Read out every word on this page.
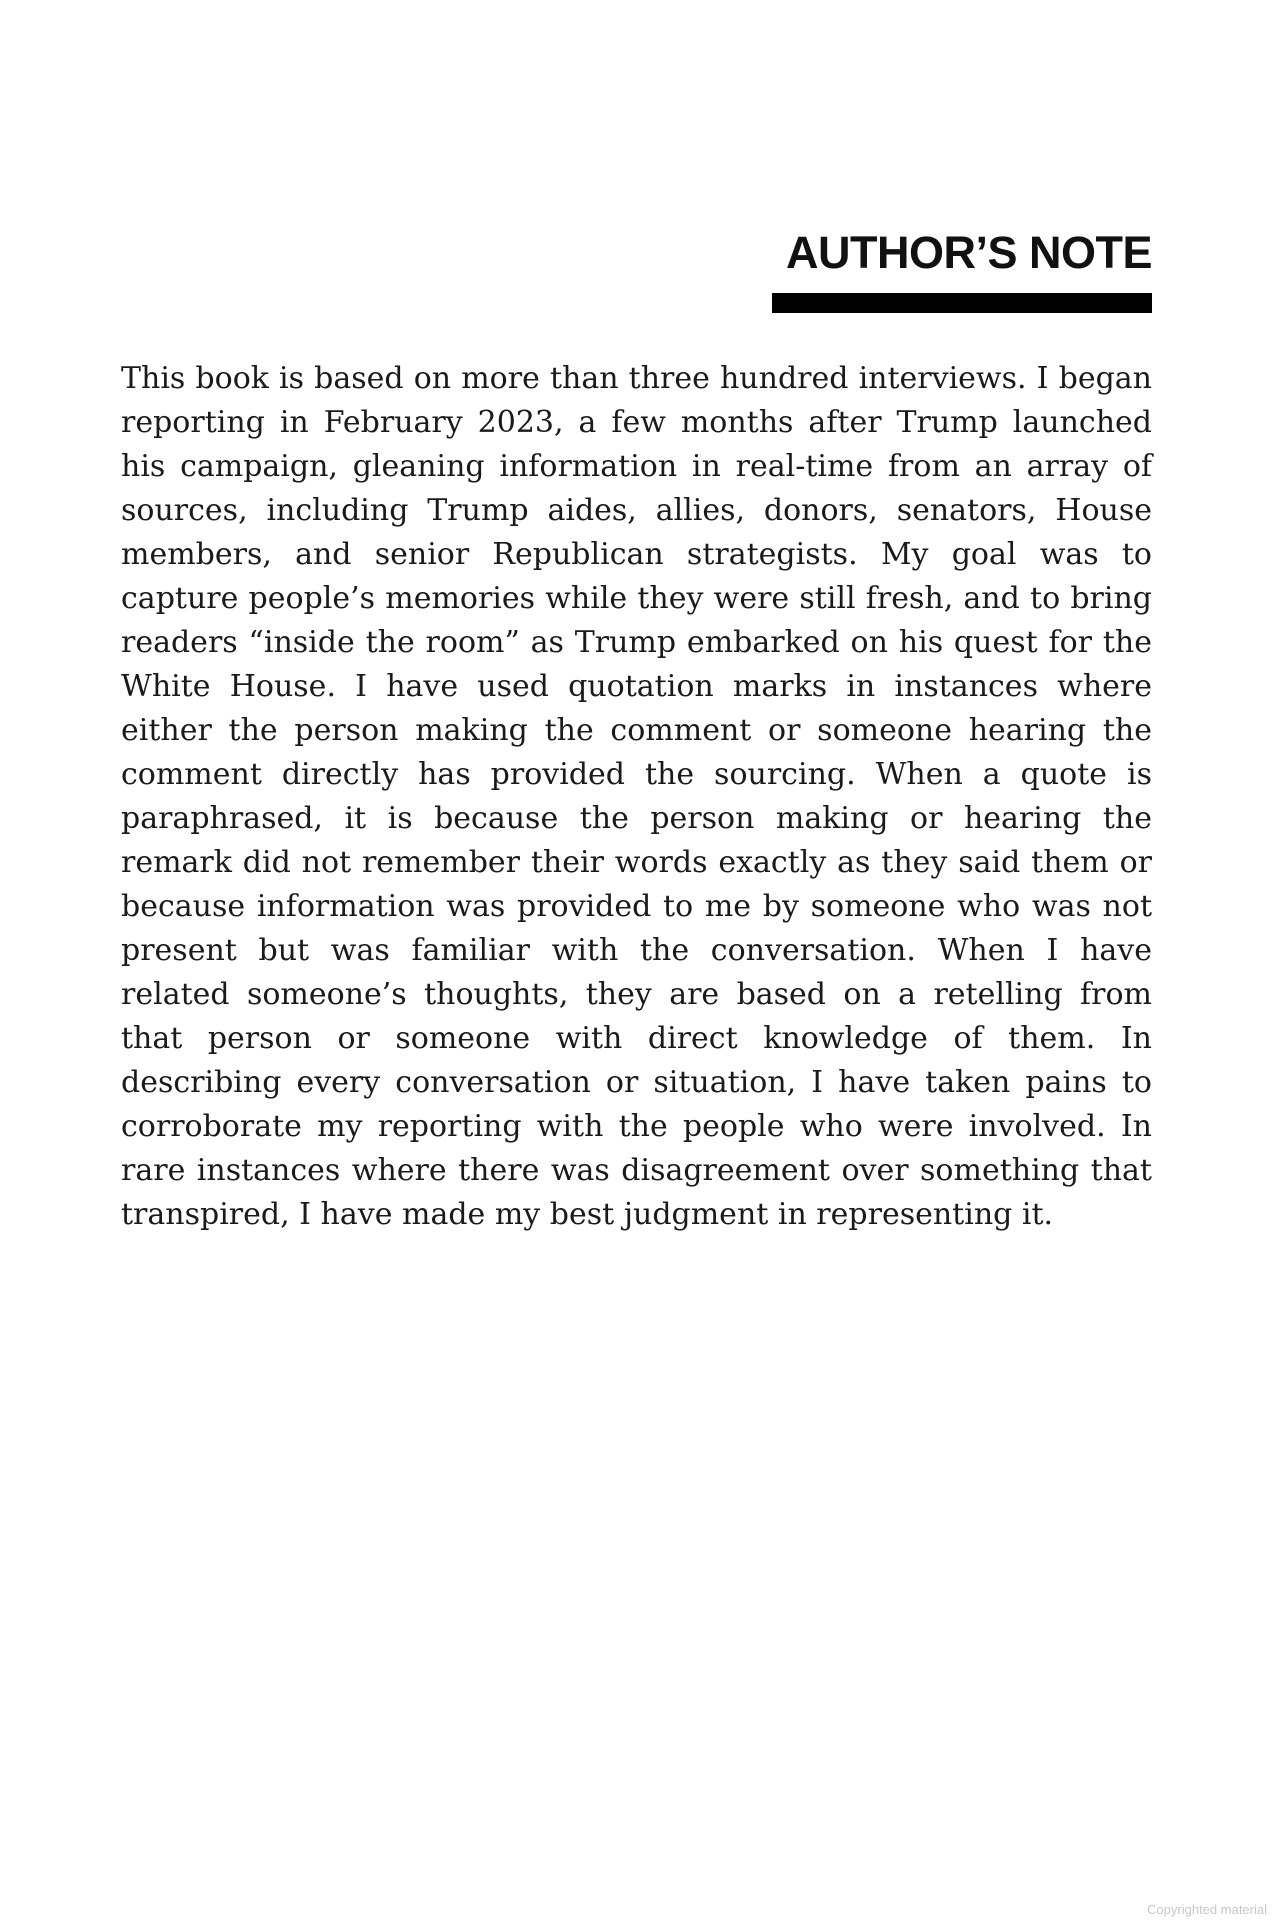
AUTHOR’S NOTE

This book is based on more than three hundred interviews. I began reporting in February 2023, a few months after Trump launched his campaign, gleaning information in real-time from an array of sources, including Trump aides, allies, donors, senators, House members, and senior Republican strategists. My goal was to capture people’s memories while they were still fresh, and to bring readers “inside the room” as Trump embarked on his quest for the White House. I have used quotation marks in instances where either the person making the comment or someone hearing the comment directly has provided the sourcing. When a quote is paraphrased, it is because the person making or hearing the remark did not remember their words exactly as they said them or because information was provided to me by someone who was not present but was familiar with the conversation. When I have related someone’s thoughts, they are based on a retelling from that person or someone with direct knowledge of them. In describing every conversation or situation, I have taken pains to corroborate my reporting with the people who were involved. In rare instances where there was disagreement over something that transpired, I have made my best judgment in representing it.

Copyrighted material
